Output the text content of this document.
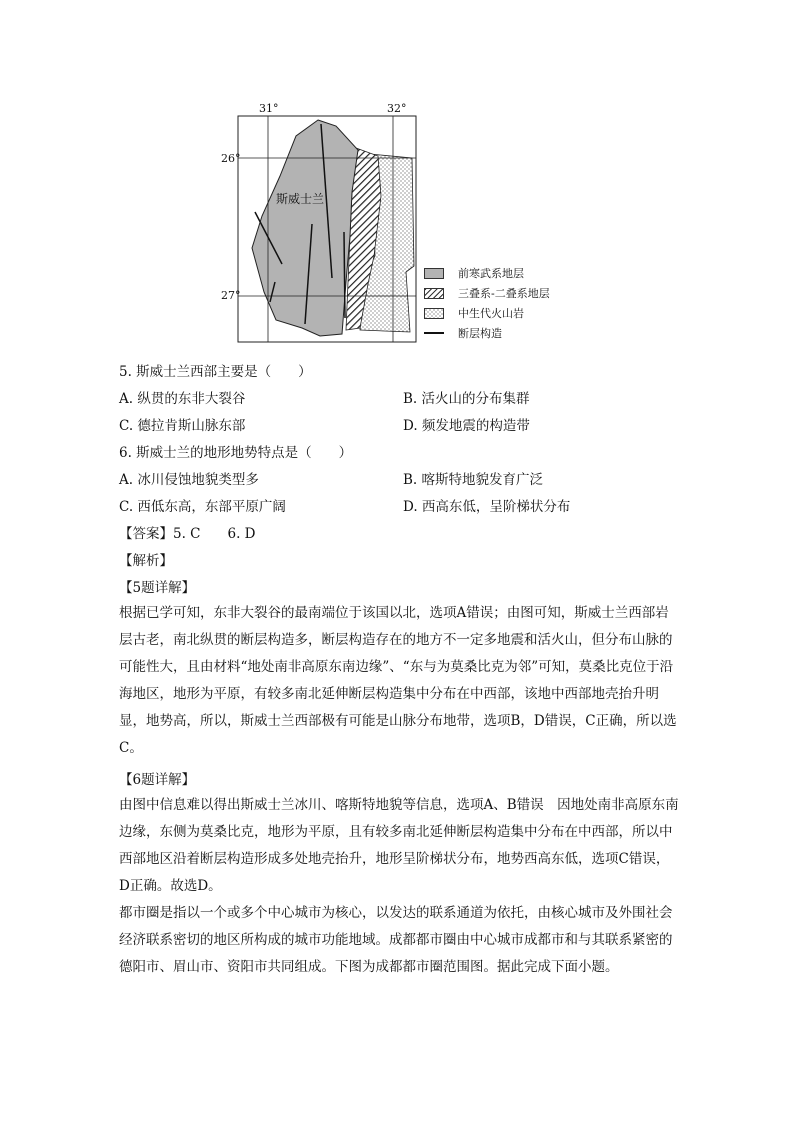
31°	32°
26°
27°
斯威士兰
前寒武系地层
三叠系-二叠系地层
中生代火山岩
断层构造
5. 斯威士兰西部主要是（　　）
A. 纵贯的东非大裂谷	B. 活火山的分布集群
C. 德拉肯斯山脉东部	D. 频发地震的构造带
6. 斯威士兰的地形地势特点是（　　）
A. 冰川侵蚀地貌类型多	B. 喀斯特地貌发育广泛
C. 西低东高，东部平原广阔	D. 西高东低，呈阶梯状分布
【答案】5. C　　6. D
【解析】
【5题详解】

根据已学可知，东非大裂谷的最南端位于该国以北，选项A错误；由图可知，斯威士兰西部岩层古老，南北纵贯的断层构造多，断层构造存在的地方不一定多地震和活火山，但分布山脉的可能性大，且由材料“地处南非高原东南边缘”、“东与为莫桑比克为邻”可知，莫桑比克位于沿海地区，地形为平原，有较多南北延伸断层构造集中分布在中西部，该地中西部地壳抬升明显，地势高，所以，斯威士兰西部极有可能是山脉分布地带，选项B，D错误，C正确，所以选C。

【6题详解】

由图中信息难以得出斯威士兰冰川、喀斯特地貌等信息，选项A、B错误　因地处南非高原东南边缘，东侧为莫桑比克，地形为平原，且有较多南北延伸断层构造集中分布在中西部，所以中西部地区沿着断层构造形成多处地壳抬升，地形呈阶梯状分布，地势西高东低，选项C错误，D正确。故选D。

都市圈是指以一个或多个中心城市为核心，以发达的联系通道为依托，由核心城市及外围社会经济联系密切的地区所构成的城市功能地域。成都都市圈由中心城市成都市和与其联系紧密的德阳市、眉山市、资阳市共同组成。下图为成都都市圈范围图。据此完成下面小题。
